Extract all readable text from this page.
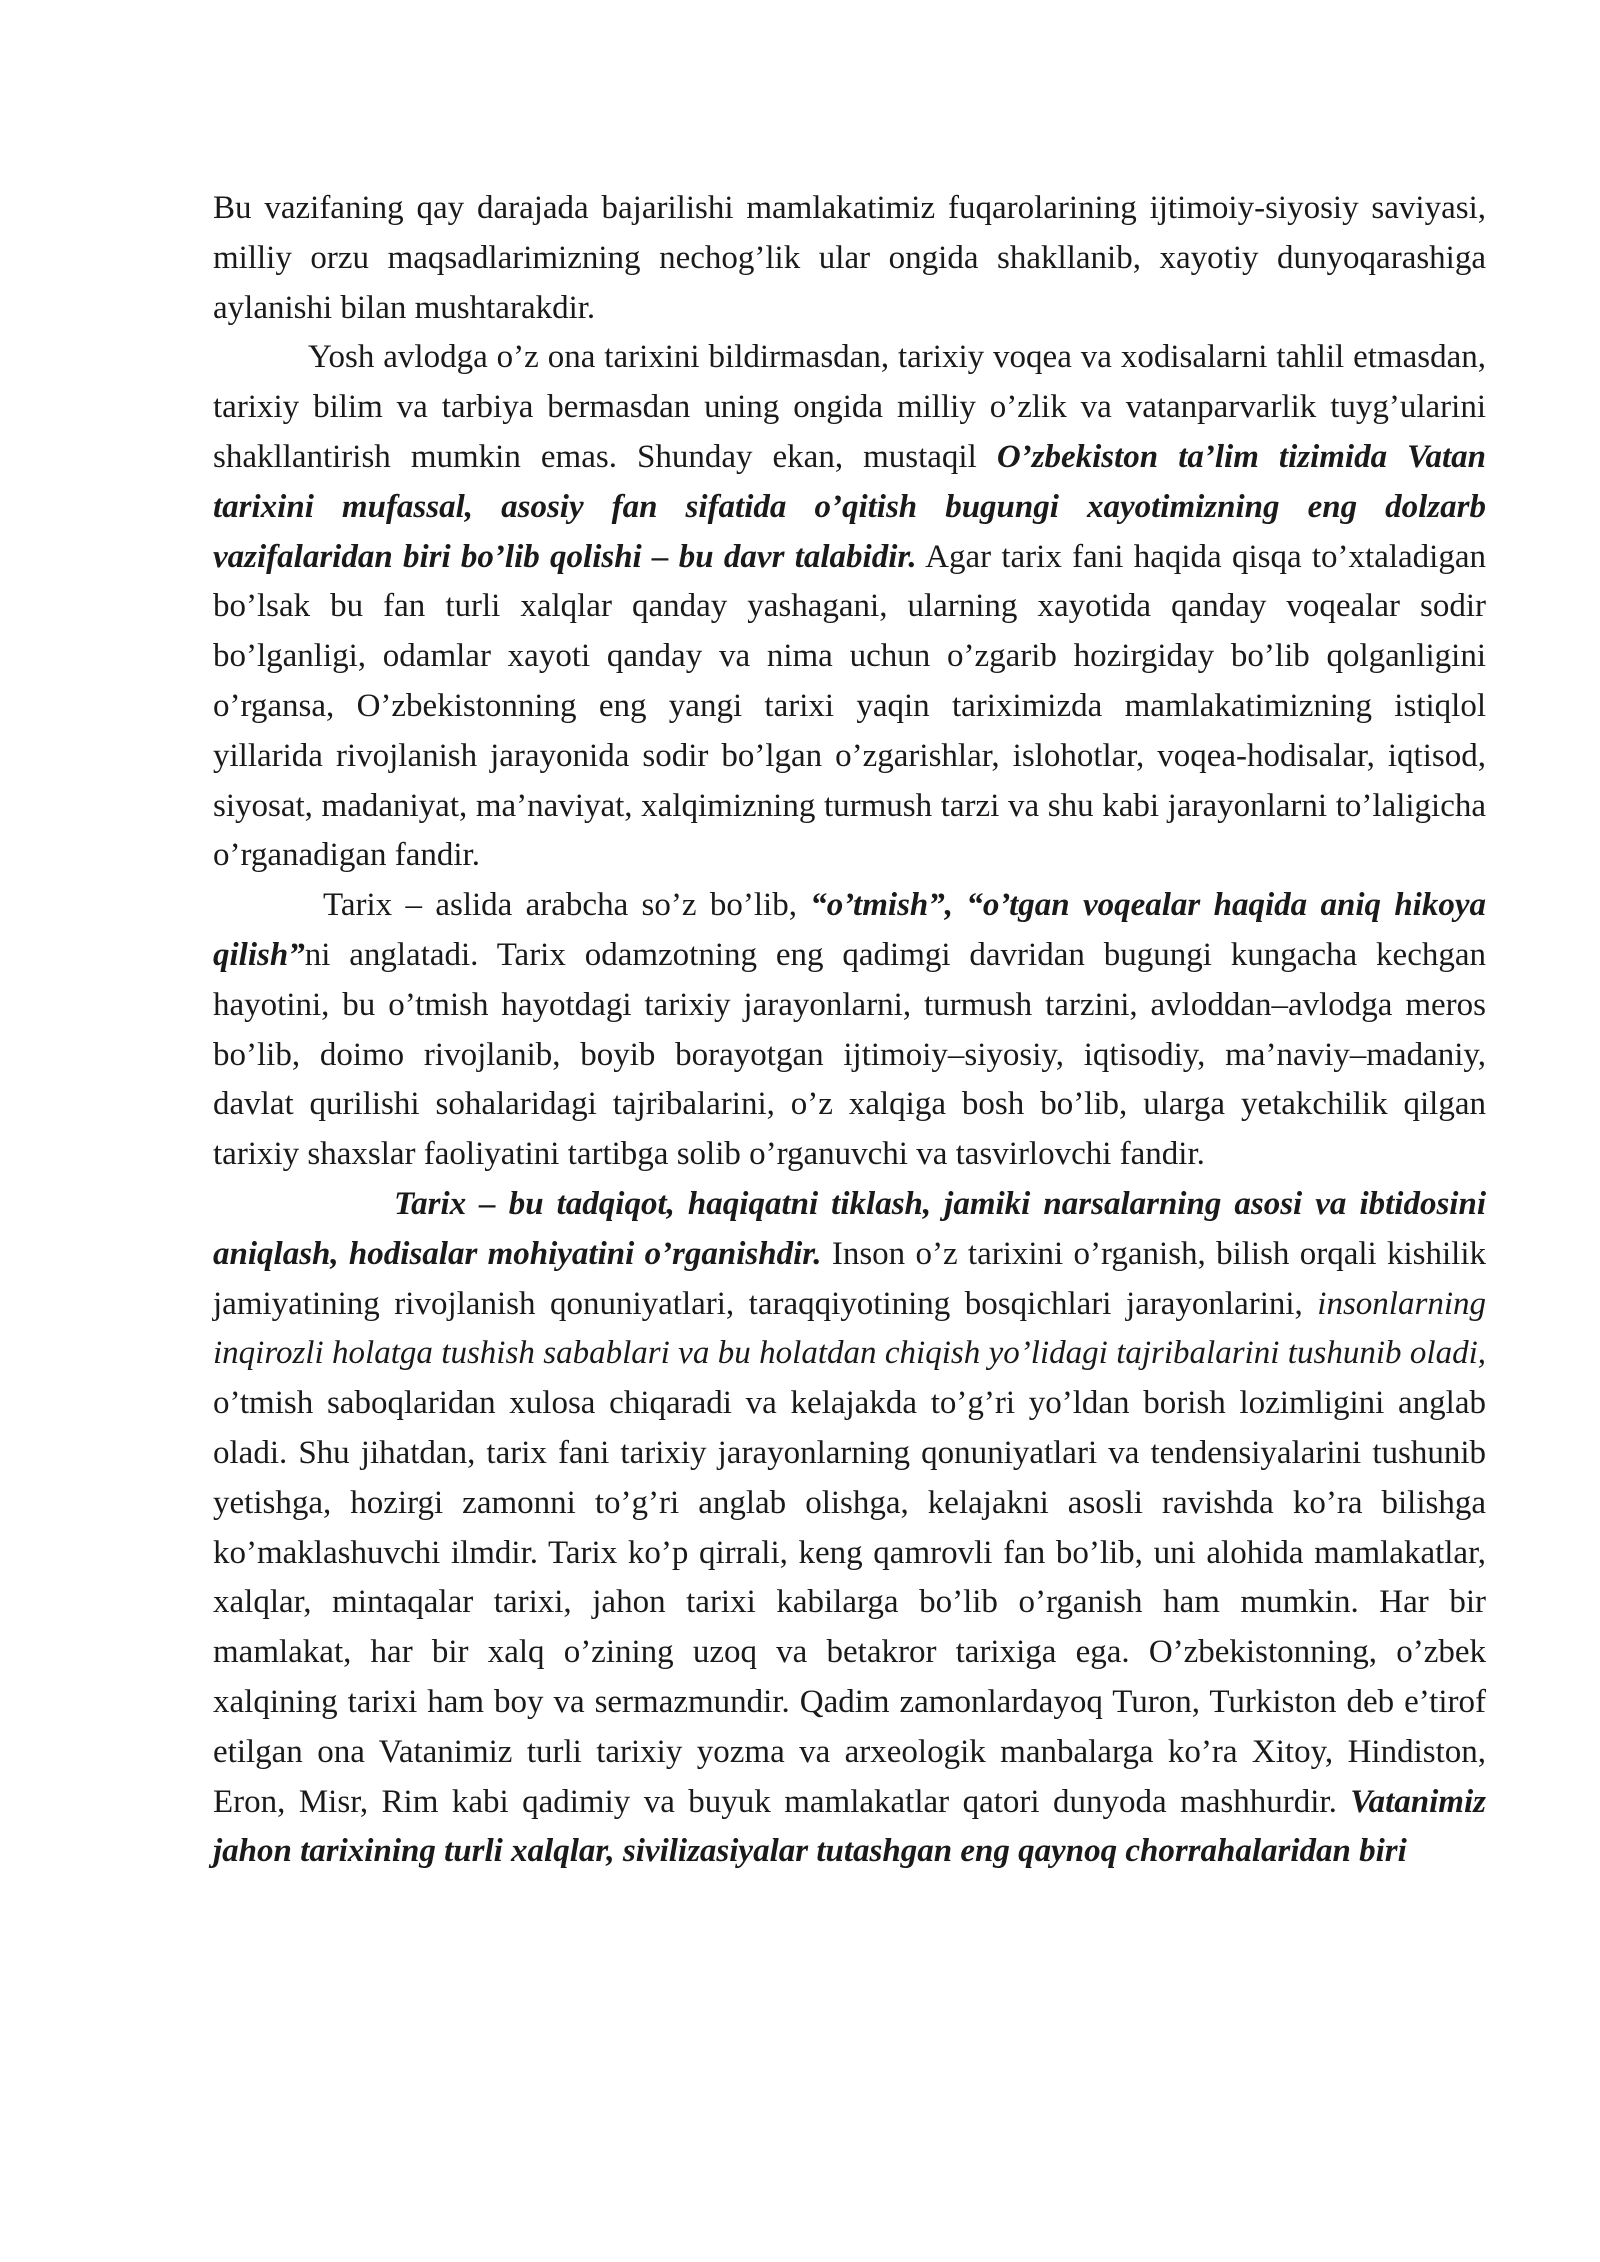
Bu vazifaning qay darajada bajarilishi mamlakatimiz fuqarolarining ijtimoiy-siyosiy saviyasi, milliy orzu maqsadlarimizning nechog’lik ular ongida shakllanib, xayotiy dunyoqarashiga aylanishi bilan mushtarakdir.

Yosh avlodga o’z ona tarixini bildirmasdan, tarixiy voqea va xodisalarni tahlil etmasdan, tarixiy bilim va tarbiya bermasdan uning ongida milliy o’zlik va vatanparvarlik tuyg’ularini shakllantirish mumkin emas. Shunday ekan, mustaqil O’zbekiston ta’lim tizimida Vatan tarixini mufassal, asosiy fan sifatida o’qitish bugungi xayotimizning eng dolzarb vazifalaridan biri bo’lib qolishi – bu davr talabidir. Agar tarix fani haqida qisqa to’xtaladigan bo’lsak bu fan turli xalqlar qanday yashagani, ularning xayotida qanday voqealar sodir bo’lganligi, odamlar xayoti qanday va nima uchun o’zgarib hozirgiday bo’lib qolganligini o’rgansa, O’zbekistonning eng yangi tarixi yaqin tariximizda mamlakatimizning istiqlol yillarida rivojlanish jarayonida sodir bo’lgan o’zgarishlar, islohotlar, voqea-hodisalar, iqtisod, siyosat, madaniyat, ma’naviyat, xalqimizning turmush tarzi va shu kabi jarayonlarni to’laligicha o’rganadigan fandir.

Tarix – aslida arabcha so’z bo’lib, “o’tmish”, “o’tgan voqealar haqida aniq hikoya qilish”ni anglatadi. Tarix odamzotning eng qadimgi davridan bugungi kungacha kechgan hayotini, bu o’tmish hayotdagi tarixiy jarayonlarni, turmush tarzini, avloddan–avlodga meros bo’lib, doimo rivojlanib, boyib borayotgan ijtimoiy–siyosiy, iqtisodiy, ma’naviy–madaniy, davlat qurilishi sohalaridagi tajribalarini, o’z xalqiga bosh bo’lib, ularga yetakchilik qilgan tarixiy shaxslar faoliyatini tartibga solib o’rganuvchi va tasvirlovchi fandir.

Tarix – bu tadqiqot, haqiqatni tiklash, jamiki narsalarning asosi va ibtidosini aniqlash, hodisalar mohiyatini o’rganishdir. Inson o’z tarixini o’rganish, bilish orqali kishilik jamiyatining rivojlanish qonuniyatlari, taraqqiyotining bosqichlari jarayonlarini, insonlarning inqirozli holatga tushish sabablari va bu holatdan chiqish yo’lidagi tajribalarini tushunib oladi, o’tmish saboqlaridan xulosa chiqaradi va kelajakda to’g’ri yo’ldan borish lozimligini anglab oladi. Shu jihatdan, tarix fani tarixiy jarayonlarning qonuniyatlari va tendensiyalarini tushunib yetishga, hozirgi zamonni to’g’ri anglab olishga, kelajakni asosli ravishda ko’ra bilishga ko’maklashuvchi ilmdir. Tarix ko’p qirrali, keng qamrovli fan bo’lib, uni alohida mamlakatlar, xalqlar, mintaqalar tarixi, jahon tarixi kabilarga bo’lib o’rganish ham mumkin. Har bir mamlakat, har bir xalq o’zining uzoq va betakror tarixiga ega. O’zbekistonning, o’zbek xalqining tarixi ham boy va sermazmundir. Qadim zamonlardayoq Turon, Turkiston deb e’tirof etilgan ona Vatanimiz turli tarixiy yozma va arxeologik manbalarga ko’ra Xitoy, Hindiston, Eron, Misr, Rim kabi qadimiy va buyuk mamlakatlar qatori dunyoda mashhurdir. Vatanimiz jahon tarixining turli xalqlar, sivilizasiyalar tutashgan eng qaynoq chorrahalaridan biri
